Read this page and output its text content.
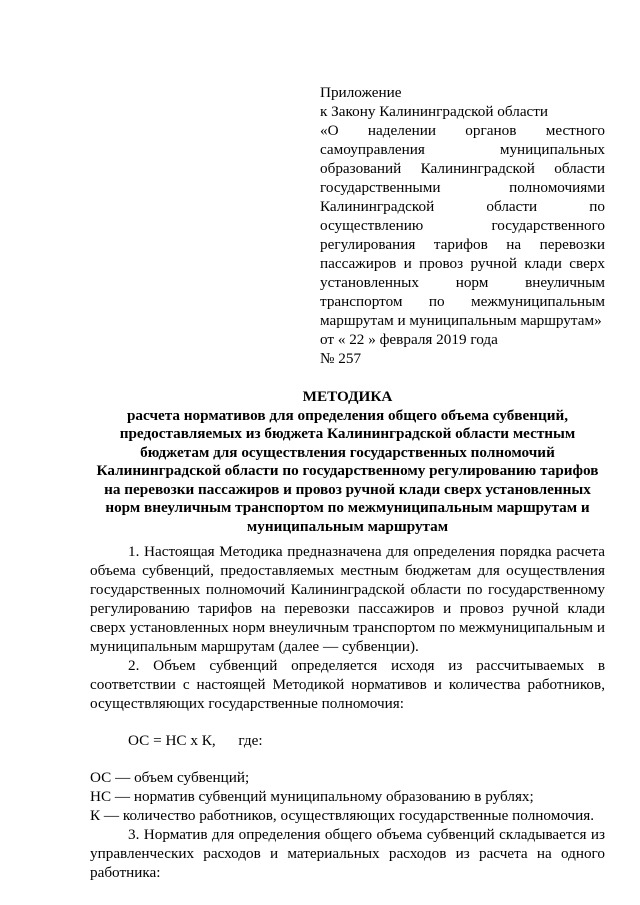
Приложение

к Закону Калининградской области

«О наделении органов местного самоуправления муниципальных образований Калининградской области государственными полномочиями Калининградской области по осуществлению государственного регулирования тарифов на перевозки пассажиров и провоз ручной клади сверх установленных норм внеуличным транспортом по межмуниципальным маршрутам и муниципальным маршрутам»

от « 22 » февраля 2019 года

№ 257

МЕТОДИКА

расчета нормативов для определения общего объема субвенций, предоставляемых из бюджета Калининградской области местным бюджетам для осуществления государственных полномочий Калининградской области по государственному регулированию тарифов на перевозки пассажиров и провоз ручной клади сверх установленных норм внеуличным транспортом по межмуниципальным маршрутам и муниципальным маршрутам

1. Настоящая Методика предназначена для определения порядка расчета объема субвенций, предоставляемых местным бюджетам для осуществления государственных полномочий Калининградской области по государственному регулированию тарифов на перевозки пассажиров и провоз ручной клади сверх установленных норм внеуличным транспортом по межмуниципальным и муниципальным маршрутам (далее — субвенции).

2. Объем субвенций определяется исходя из рассчитываемых в соответствии с настоящей Методикой нормативов и количества работников, осуществляющих государственные полномочия:

ОС = НС х К,      где:

ОС — объем субвенций;

НС — норматив субвенций муниципальному образованию в рублях;

К — количество работников, осуществляющих государственные полномочия.

3. Норматив для определения общего объема субвенций складывается из управленческих расходов и материальных расходов из расчета на одного работника:
